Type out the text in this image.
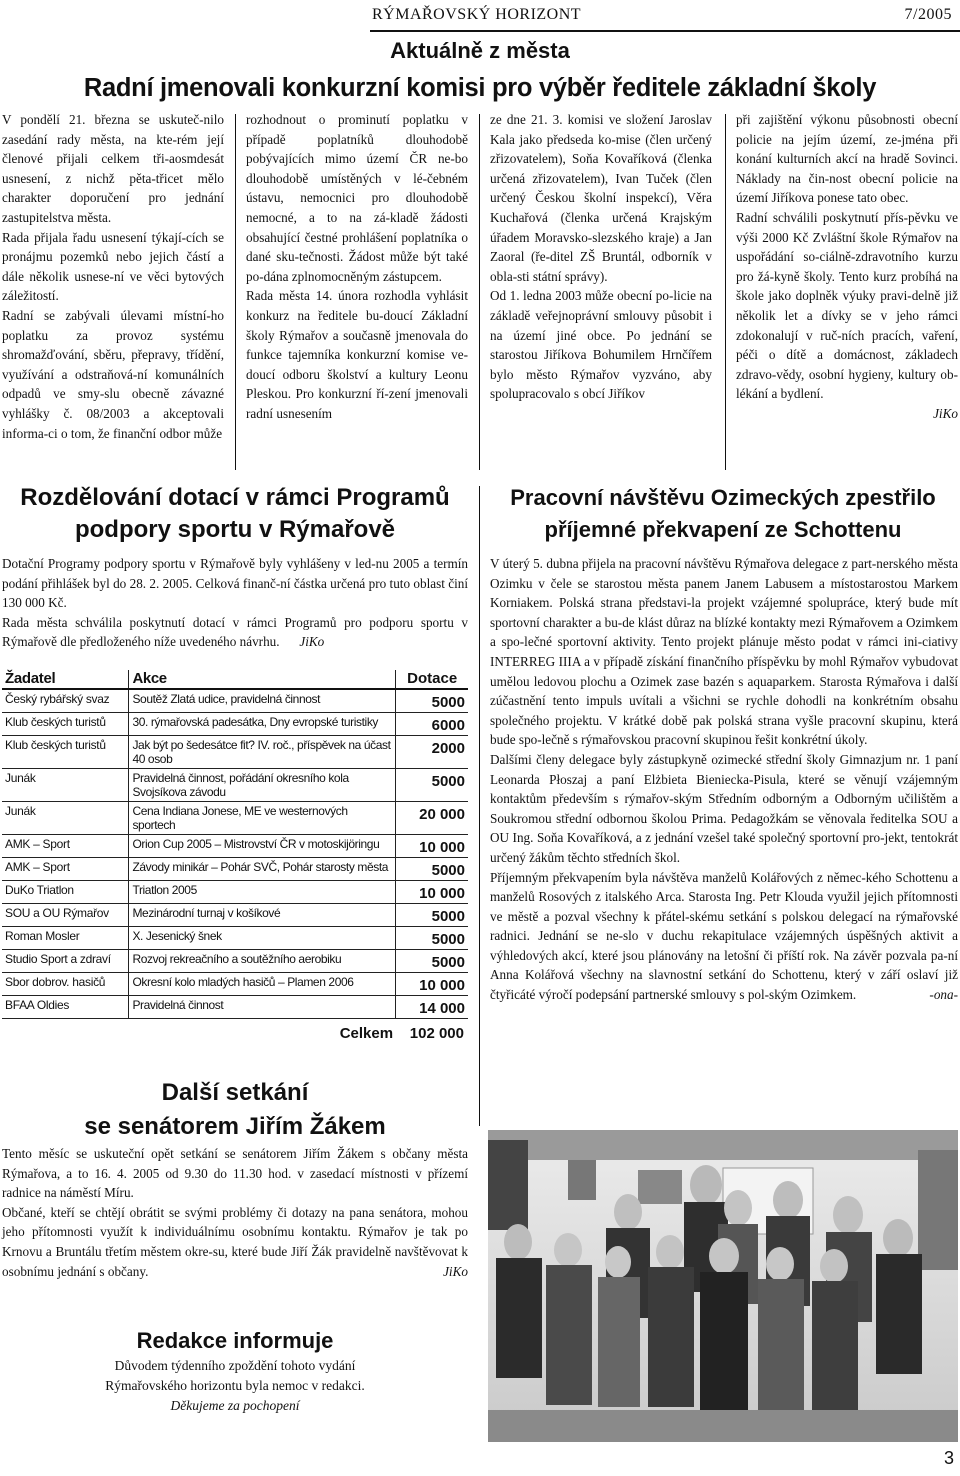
RÝMAŘOVSKÝ HORIZONT	7/2005
Aktuálně z města
Radní jmenovali konkurzní komisi pro výběr ředitele základní školy

V pondělí 21. března se uskuteč-nilo zasedání rady města, na kte-rém její členové přijali celkem tři-aosmdesát usnesení, z nichž pěta-třicet mělo charakter doporučení pro jednání zastupitelstva města.

Rada přijala řadu usnesení týkají-cích se pronájmu pozemků nebo jejich částí a dále několik usnese-ní ve věci bytových záležitostí.

Radní se zabývali úlevami místní-ho poplatku za provoz systému shromažďování, sběru, přepravy, třídění, využívání a odstraňová-ní komunálních odpadů ve smy-slu obecně závazné vyhlášky č. 08/2003 a akceptovali informa-ci o tom, že finanční odbor může

rozhodnout o prominutí poplatku v případě poplatníků dlouhodobě pobývajících mimo území ČR ne-bo dlouhodobě umístěných v lé-čebném ústavu, nemocnici pro dlouhodobě nemocné, a to na zá-kladě žádosti obsahující čestné prohlášení poplatníka o dané sku-tečnosti. Žádost může být také po-dána zplnomocněným zástupcem.

Rada města 14. února rozhodla vyhlásit konkurz na ředitele bu-doucí Základní školy Rýmařov a současně jmenovala do funkce tajemníka konkurzní komise ve-doucí odboru školství a kultury Leonu Pleskou. Pro konkurzní ří-zení jmenovali radní usnesením

ze dne 21. 3. komisi ve složení Jaroslav Kala jako předseda ko-mise (člen určený zřizovatelem), Soňa Kovaříková (členka určená zřizovatelem), Ivan Tuček (člen určený Českou školní inspekcí), Věra Kuchařová (členka určená Krajským úřadem Moravsko-slezského kraje) a Jan Zaoral (ře-ditel ZŠ Bruntál, odborník v obla-sti státní správy).

Od 1. ledna 2003 může obecní po-licie na základě veřejnoprávní smlouvy působit i na území jiné obce. Po jednání se starostou Jiříkova Bohumilem Hrnčířem bylo město Rýmařov vyzváno, aby spolupracovalo s obcí Jiříkov

při zajištění výkonu působnosti obecní policie na jejím území, ze-jména při konání kulturních akcí na hradě Sovinci. Náklady na čin-nost obecní policie na území Jiříkova ponese tato obec.

Radní schválili poskytnutí přís-pěvku ve výši 2000 Kč Zvláštní škole Rýmařov na uspořádání so-ciálně-zdravotního kurzu pro žá-kyně školy. Tento kurz probíhá na škole jako doplněk výuky pravi-delně již několik let a dívky se v jeho rámci zdokonalují v ruč-ních pracích, vaření, péči o dítě a domácnost, základech zdravo-vědy, osobní hygieny, kultury ob-lékání a bydlení.

JiKo

Rozdělování dotací v rámci Programů
podpory sportu v Rýmařově

Dotační Programy podpory sportu v Rýmařově byly vyhlášeny v led-nu 2005 a termín podání přihlášek byl do 28. 2. 2005. Celková finanč-ní částka určená pro tuto oblast činí 130 000 Kč.

Rada města schválila poskytnutí dotací v rámci Programů pro podporu sportu v Rýmařově dle předloženého níže uvedeného návrhu. JiKo

Žadatel	Akce	Dotace
Český rybářský svaz	Soutěž Zlatá udice, pravidelná činnost	5000
Klub českých turistů	30. rýmařovská padesátka, Dny evropské turistiky	6000
Klub českých turistů	Jak být po šedesátce fit? IV. roč., příspěvek na účast 40 osob	2000
Junák	Pravidelná činnost, pořádání okresního kola Svojsíkova závodu	5000
Junák	Cena Indiana Jonese, ME ve westernových sportech	20 000
AMK – Sport	Orion Cup 2005 – Mistrovství ČR v motoskijöringu	10 000
AMK – Sport	Závody minikár – Pohár SVČ, Pohár starosty města	5000
DuKo Triatlon	Triatlon 2005	10 000
SOU a OU Rýmařov	Mezinárodní turnaj v košíkové	5000
Roman Mosler	X. Jesenický šnek	5000
Studio Sport a zdraví	Rozvoj rekreačního a soutěžního aerobiku	5000
Sbor dobrov. hasičů	Okresní kolo mladých hasičů – Plamen 2006	10 000
BFAA Oldies	Pravidelná činnost	14 000
Celkem 102 000
Další setkání
se senátorem Jiřím Žákem

Tento měsíc se uskuteční opět setkání se senátorem Jiřím Žákem s občany města Rýmařova, a to 16. 4. 2005 od 9.30 do 11.30 hod. v zasedací místnosti v přízemí radnice na náměstí Míru.

Občané, kteří se chtějí obrátit se svými problémy či dotazy na pana senátora, mohou jeho přítomnosti využít k individuálnímu osobnímu kontaktu. Rýmařov je tak po Krnovu a Bruntálu třetím městem okre-su, které bude Jiří Žák pravidelně navštěvovat k osobnímu jednání s občany.	JiKo

Redakce informuje
Důvodem týdenního zpoždění tohoto vydání
Rýmařovského horizontu byla nemoc v redakci.
Děkujeme za pochopení
Pracovní návštěvu Ozimeckých zpestřilo
příjemné překvapení ze Schottenu

V úterý 5. dubna přijela na pracovní návštěvu Rýmařova delegace z part-nerského města Ozimku v čele se starostou města panem Janem Labusem a místostarostou Markem Korniakem. Polská strana představi-la projekt vzájemné spolupráce, který bude mít sportovní charakter a bu-de klást důraz na blízké kontakty mezi Rýmařovem a Ozimkem a spo-lečné sportovní aktivity. Tento projekt plánuje město podat v rámci ini-ciativy INTERREG IIIA a v případě získání finančního příspěvku by mohl Rýmařov vybudovat umělou ledovou plochu a Ozimek zase bazén s aquaparkem. Starosta Rýmařova i další zúčastnění tento impuls uvítali a všichni se rychle dohodli na konkrétním obsahu společného projektu. V krátké době pak polská strana vyšle pracovní skupinu, která bude spo-lečně s rýmařovskou pracovní skupinou řešit konkrétní úkoly.

Dalšími členy delegace byly zástupkyně ozimecké střední školy Gimnazjum nr. 1 paní Leonarda Płoszaj a paní Elżbieta Bieniecka-Pisula, které se věnují vzájemným kontaktům především s rýmařov-ským Středním odborným a Odborným učilištěm a Soukromou střední odbornou školou Prima. Pedagožkám se věnovala ředitelka SOU a OU Ing. Soňa Kovaříková, a z jednání vzešel také společný sportovní pro-jekt, tentokrát určený žákům těchto středních škol.

Příjemným překvapením byla návštěva manželů Kolářových z němec-kého Schottenu a manželů Rosových z italského Arca. Starosta Ing. Petr Klouda využil jejich přítomnosti ve městě a pozval všechny k přátel-skému setkání s polskou delegací na rýmařovské radnici. Jednání se ne-slo v duchu rekapitulace vzájemných úspěšných aktivit a výhledových akcí, které jsou plánovány na letošní či příští rok. Na závěr pozvala pa-ní Anna Kolářová všechny na slavnostní setkání do Schottenu, který v září oslaví již čtyřicáté výročí podepsání partnerské smlouvy s pol-ským Ozimkem.	-ona-

3
